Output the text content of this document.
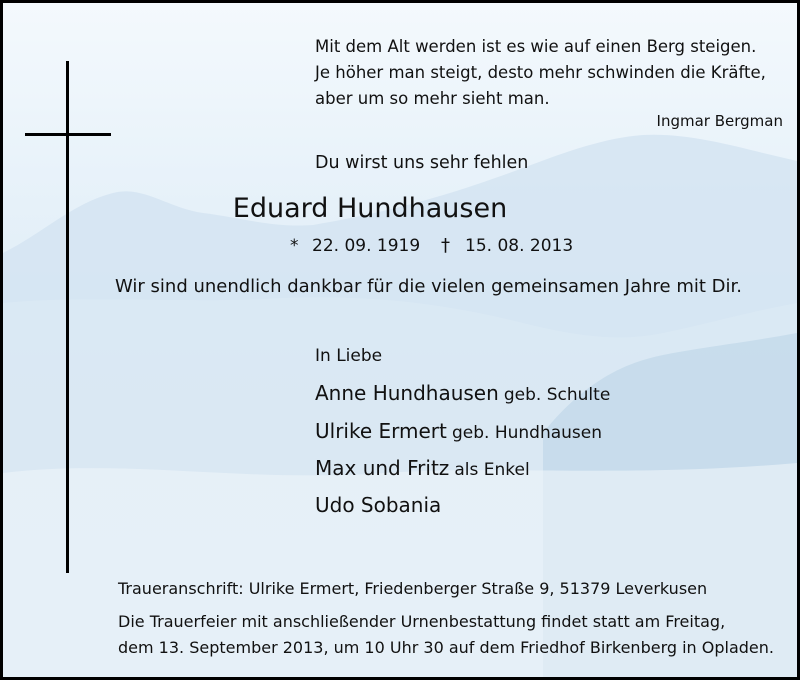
Mit dem Alt werden ist es wie auf einen Berg steigen.
Je höher man steigt, desto mehr schwinden die Kräfte,
aber um so mehr sieht man.
Ingmar Bergman
Du wirst uns sehr fehlen
Eduard Hundhausen
* 22. 09. 1919 † 15. 08. 2013
Wir sind unendlich dankbar für die vielen gemeinsamen Jahre mit Dir.
In Liebe
Anne Hundhausen geb. Schulte
Ulrike Ermert geb. Hundhausen
Max und Fritz als Enkel
Udo Sobania
Traueranschrift: Ulrike Ermert, Friedenberger Straße 9, 51379 Leverkusen
Die Trauerfeier mit anschließender Urnenbestattung findet statt am Freitag,
dem 13. September 2013, um 10 Uhr 30 auf dem Friedhof Birkenberg in Opladen.
